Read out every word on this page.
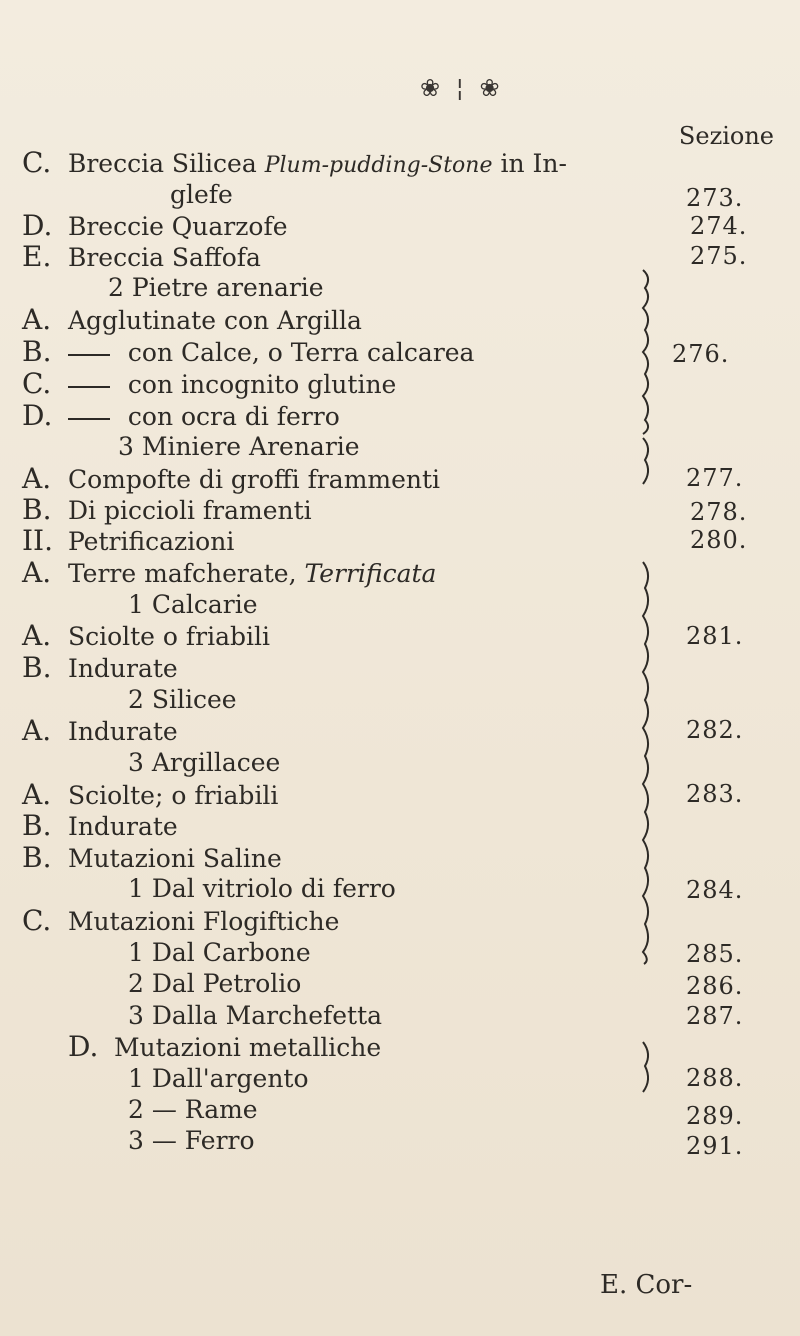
❀ ¦ ❀
Sezione
C. Breccia Silicea Plum-pudding-Stone in In-
glefe	273.
D. Breccie Quarzofe	274.
E. Breccia Saffofa	275.
2 Pietre arenarie
A. Agglutinate con Argilla
B.	con Calce, o Terra calcarea
C.	con incognito glutine
D.	con ocra di ferro
276.
3 Miniere Arenarie
A. Compofte di groffi frammenti	277.
B. Di piccioli framenti	278.
II. Petrificazioni	280.
A. Terre mafcherate, Terrificata
1 Calcarie
A. Sciolte o friabili	281.
B. Indurate
2 Silicee
A. Indurate	282.
3 Argillacee
A. Sciolte; o friabili	283.
B. Indurate
B. Mutazioni Saline
1 Dal vitriolo di ferro	284.
C. Mutazioni Flogiftiche
1 Dal Carbone	285.
2 Dal Petrolio	286.
3 Dalla Marchefetta	287.
D. Mutazioni metalliche
1 Dall'argento	288.
2 — Rame	289.
3 — Ferro	291.
E. Cor-
